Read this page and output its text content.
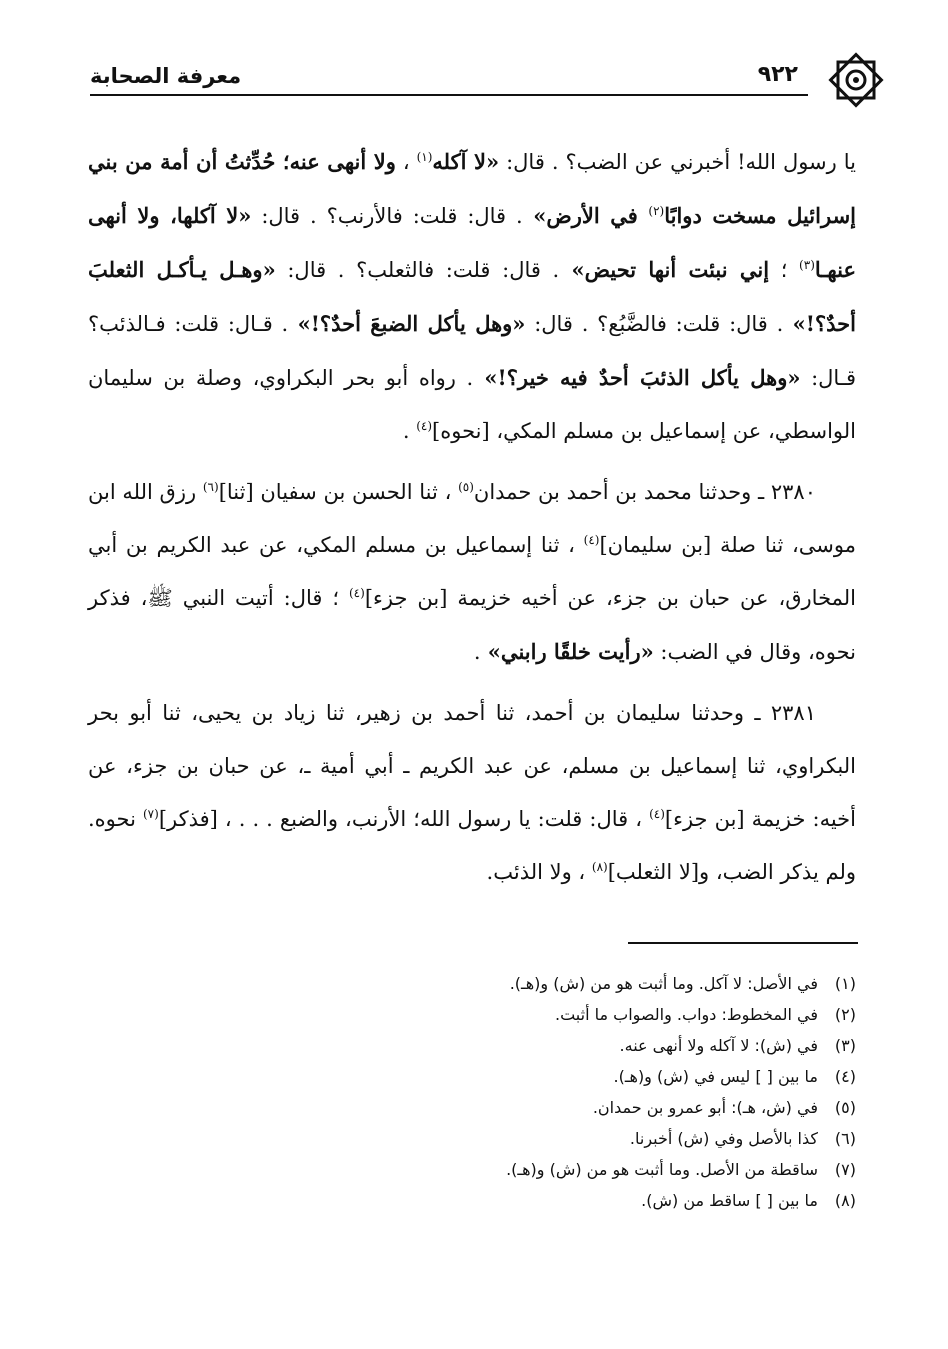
معرفة الصحابة	٩٢٢

يا رسول الله! أخبرني عن الضب؟ . قال: «لا آكله$^{(١)}$ ، ولا أنهى عنه؛ حُدِّثتُ أن أمة من بني إسرائيل مسخت دوابًا$^{(٢)}$ في الأرض» . قال: قلت: فالأرنب؟ . قال: «لا آكلها، ولا أنهى عنهـا$^{(٣)}$ ؛ إني نبئت أنها تحيض» . قال: قلت: فالثعلب؟ . قال: «وهـل يـأكـل الثعلبَ أحدٌ؟!» . قال: قلت: فالضَّبُع؟ . قال: «وهل يأكل الضبعَ أحدٌ؟!» . قـال: قلت: فـالذئب؟ قـال: «وهل يأكل الذئبَ أحدٌ فيه خير؟!» . رواه أبو بحر البكراوي، وصلة بن سليمان الواسطي، عن إسماعيل بن مسلم المكي، [نحوه]$^{(٤)}$ .

٢٣٨٠ ـ وحدثنا محمد بن أحمد بن حمدان$^{(٥)}$ ، ثنا الحسن بن سفيان [ثنا]$^{(٦)}$ رزق الله ابن موسى، ثنا صلة [بن سليمان]$^{(٤)}$ ، ثنا إسماعيل بن مسلم المكي، عن عبد الكريم بن أبي المخارق، عن حبان بن جزء، عن أخيه خزيمة [بن جزء]$^{(٤)}$ ؛ قال: أتيت النبي ﷺ، فذكر نحوه، وقال في الضب: «رأيت خلقًا رابني» .

٢٣٨١ ـ وحدثنا سليمان بن أحمد، ثنا أحمد بن زهير، ثنا زياد بن يحيى، ثنا أبو بحر البكراوي، ثنا إسماعيل بن مسلم، عن عبد الكريم ـ أبي أمية ـ، عن حبان بن جزء، عن أخيه: خزيمة [بن جزء]$^{(٤)}$ ، قال: قلت: يا رسول الله؛ الأرنب، والضبع . . . ، [فذكر]$^{(٧)}$ نحوه. ولم يذكر الضب، و[لا الثعلب]$^{(٨)}$ ، ولا الذئب.

(١)في الأصل: لا آكل. وما أثبت هو من (ش) و(هـ).
(٢)في المخطوط: دواب. والصواب ما أثبت.
(٣)في (ش): لا آكله ولا أنهى عنه.
(٤)ما بين [ ] ليس في (ش) و(هـ).
(٥)في (ش، هـ): أبو عمرو بن حمدان.
(٦)كذا بالأصل وفي (ش) أخبرنا.
(٧)ساقطة من الأصل. وما أثبت هو من (ش) و(هـ).
(٨)ما بين [ ] ساقط من (ش).
